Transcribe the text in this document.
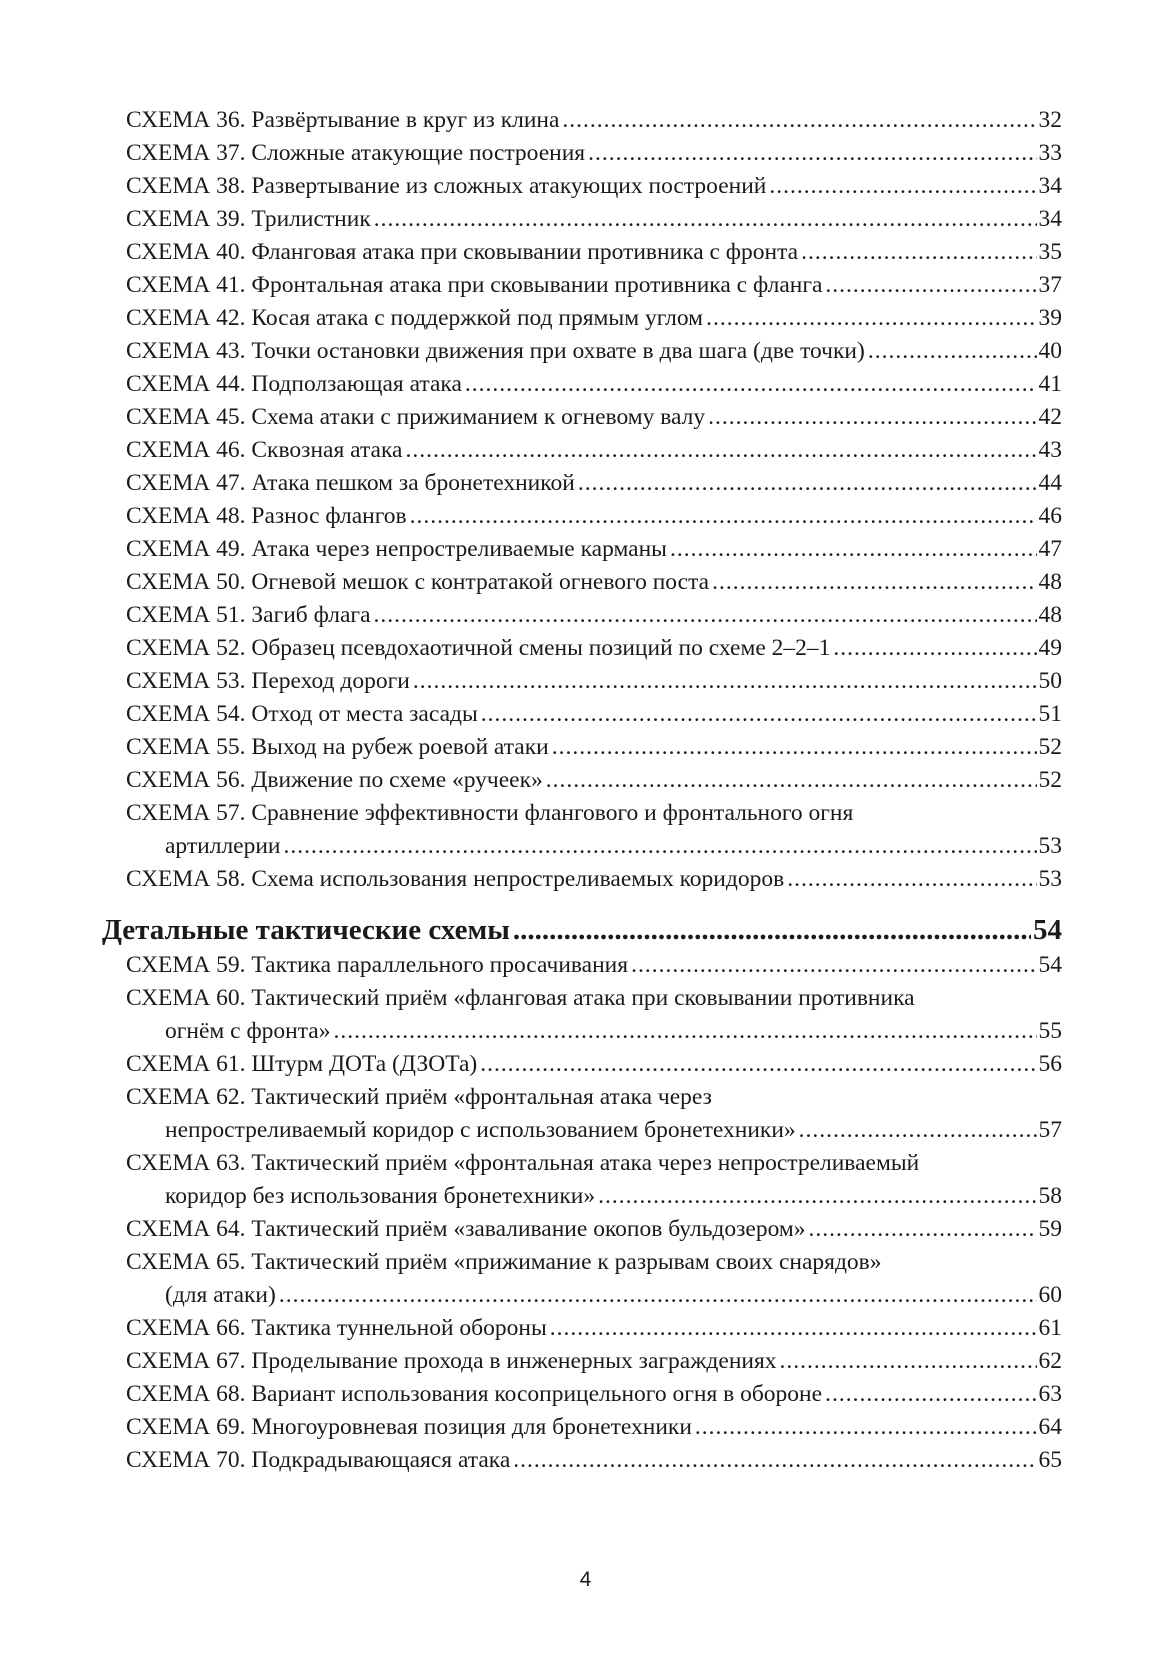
СХЕМА 36. Развёртывание в круг из клина .....	32
СХЕМА 37. Сложные атакующие построения .....	33
СХЕМА 38. Развертывание из сложных атакующих построений .....	34
СХЕМА 39. Трилистник .....	34
СХЕМА 40. Фланговая атака при сковывании противника с фронта .....	35
СХЕМА 41. Фронтальная атака при сковывании противника с фланга .....	37
СХЕМА 42. Косая атака с поддержкой под прямым углом .....	39
СХЕМА 43. Точки остановки движения при охвате в два шага (две точки) .....	40
СХЕМА 44. Подползающая атака .....	41
СХЕМА 45. Схема атаки с прижиманием к огневому валу .....	42
СХЕМА 46. Сквозная атака .....	43
СХЕМА 47. Атака пешком за бронетехникой .....	44
СХЕМА 48. Разнос флангов .....	46
СХЕМА 49. Атака через непрoстреливаемые карманы .....	47
СХЕМА 50. Огневой мешок с контратакой огневого поста .....	48
СХЕМА 51. Загиб флага .....	48
СХЕМА 52. Образец псевдохаотичной смены позиций по схеме 2–2–1 .....	49
СХЕМА 53. Переход дороги .....	50
СХЕМА 54. Отход от места засады .....	51
СХЕМА 55. Выход на рубеж роевой атаки .....	52
СХЕМА 56. Движение по схеме «ручеек» .....	52
СХЕМА 57. Сравнение эффективности флангового и фронтального огня
артиллерии .....	53
СХЕМА 58. Схема использования непрoстреливаемых коридоров .....	53
Детальные тактические схемы .....	54
СХЕМА 59. Тактика параллельного просачивания .....	54
СХЕМА 60. Тактический приём «фланговая атака при сковывании противника
огнём с фронта» .....	55
СХЕМА 61. Штурм ДОТа (ДЗОТа) .....	56
СХЕМА 62. Тактический приём «фронтальная атака через
непрoстреливаемый коридор с использованием бронетехники» .....	57
СХЕМА 63. Тактический приём «фронтальная атака через непрoстреливаемый
коридор без использования бронетехники» .....	58
СХЕМА 64. Тактический приём «заваливание окопов бульдозером» .....	59
СХЕМА 65. Тактический приём «прижимание к разрывам своих снарядов»
(для атаки) .....	60
СХЕМА 66. Тактика туннельной обороны .....	61
СХЕМА 67. Проделывание прохода в инженерных заграждениях .....	62
СХЕМА 68. Вариант использования косоприцельного огня в обороне .....	63
СХЕМА 69. Многоуровневая позиция для бронетехники .....	64
СХЕМА 70. Подкрадывающаяся атака .....	65
4
